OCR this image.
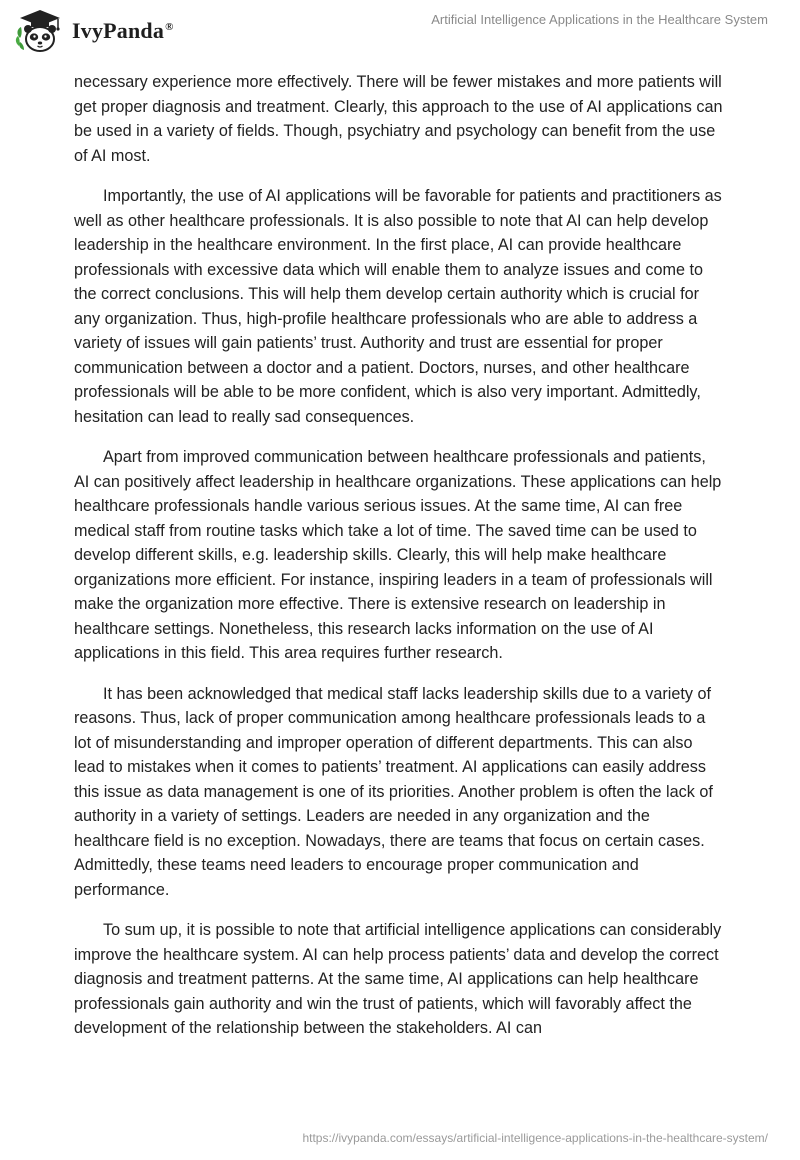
IvyPanda®	Artificial Intelligence Applications in the Healthcare System

necessary experience more effectively. There will be fewer mistakes and more patients will get proper diagnosis and treatment. Clearly, this approach to the use of AI applications can be used in a variety of fields. Though, psychiatry and psychology can benefit from the use of AI most.

Importantly, the use of AI applications will be favorable for patients and practitioners as well as other healthcare professionals. It is also possible to note that AI can help develop leadership in the healthcare environment. In the first place, AI can provide healthcare professionals with excessive data which will enable them to analyze issues and come to the correct conclusions. This will help them develop certain authority which is crucial for any organization. Thus, high-profile healthcare professionals who are able to address a variety of issues will gain patients’ trust. Authority and trust are essential for proper communication between a doctor and a patient. Doctors, nurses, and other healthcare professionals will be able to be more confident, which is also very important. Admittedly, hesitation can lead to really sad consequences.

Apart from improved communication between healthcare professionals and patients, AI can positively affect leadership in healthcare organizations. These applications can help healthcare professionals handle various serious issues. At the same time, AI can free medical staff from routine tasks which take a lot of time. The saved time can be used to develop different skills, e.g. leadership skills. Clearly, this will help make healthcare organizations more efficient. For instance, inspiring leaders in a team of professionals will make the organization more effective. There is extensive research on leadership in healthcare settings. Nonetheless, this research lacks information on the use of AI applications in this field. This area requires further research.

It has been acknowledged that medical staff lacks leadership skills due to a variety of reasons. Thus, lack of proper communication among healthcare professionals leads to a lot of misunderstanding and improper operation of different departments. This can also lead to mistakes when it comes to patients’ treatment. AI applications can easily address this issue as data management is one of its priorities. Another problem is often the lack of authority in a variety of settings. Leaders are needed in any organization and the healthcare field is no exception. Nowadays, there are teams that focus on certain cases. Admittedly, these teams need leaders to encourage proper communication and performance.

To sum up, it is possible to note that artificial intelligence applications can considerably improve the healthcare system. AI can help process patients’ data and develop the correct diagnosis and treatment patterns. At the same time, AI applications can help healthcare professionals gain authority and win the trust of patients, which will favorably affect the development of the relationship between the stakeholders. AI can

https://ivypanda.com/essays/artificial-intelligence-applications-in-the-healthcare-system/
